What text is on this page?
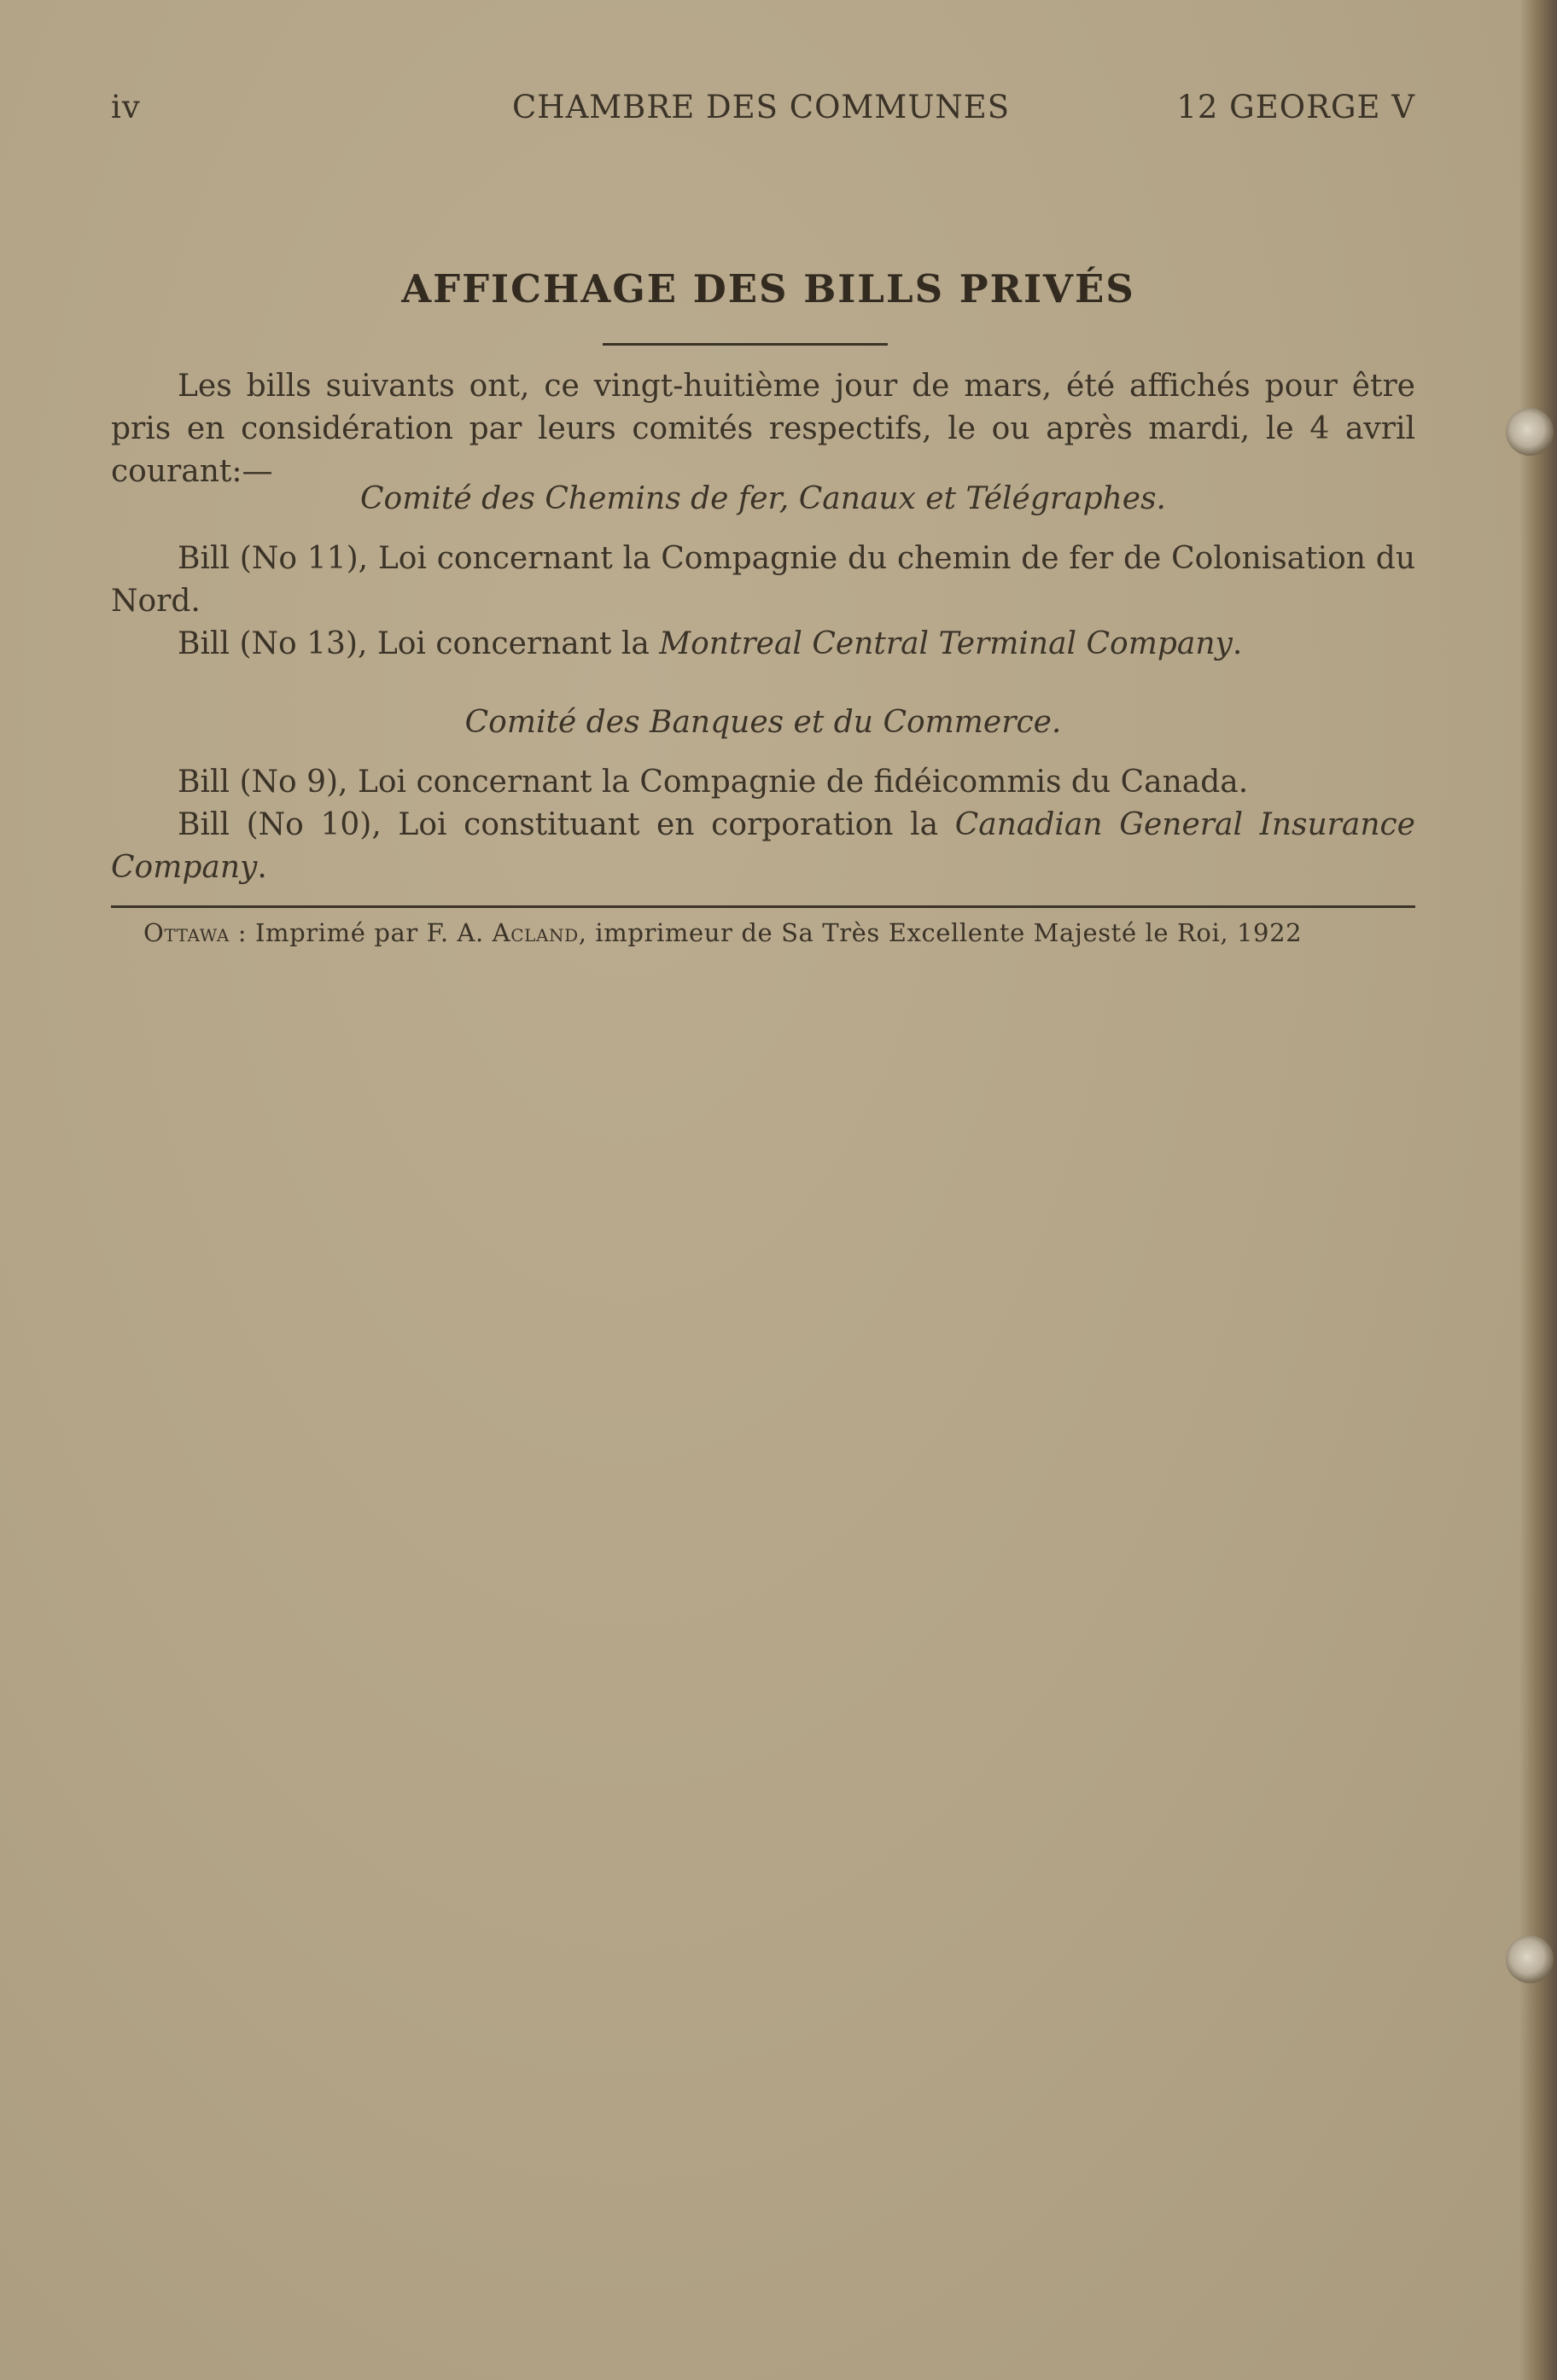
iv	CHAMBRE DES COMMUNES	12 GEORGE V
AFFICHAGE DES BILLS PRIVÉS

Les bills suivants ont, ce vingt-huitième jour de mars, été affichés pour être pris en considération par leurs comités respectifs, le ou après mardi, le 4 avril courant:—

Comité des Chemins de fer, Canaux et Télégraphes.

Bill (No 11), Loi concernant la Compagnie du chemin de fer de Colonisation du Nord.

Bill (No 13), Loi concernant la Montreal Central Terminal Company.

Comité des Banques et du Commerce.

Bill (No 9), Loi concernant la Compagnie de fidéicommis du Canada.

Bill (No 10), Loi constituant en corporation la Canadian General Insurance Company.

Ottawa : Imprimé par F. A. Acland, imprimeur de Sa Très Excellente Majesté le Roi, 1922
